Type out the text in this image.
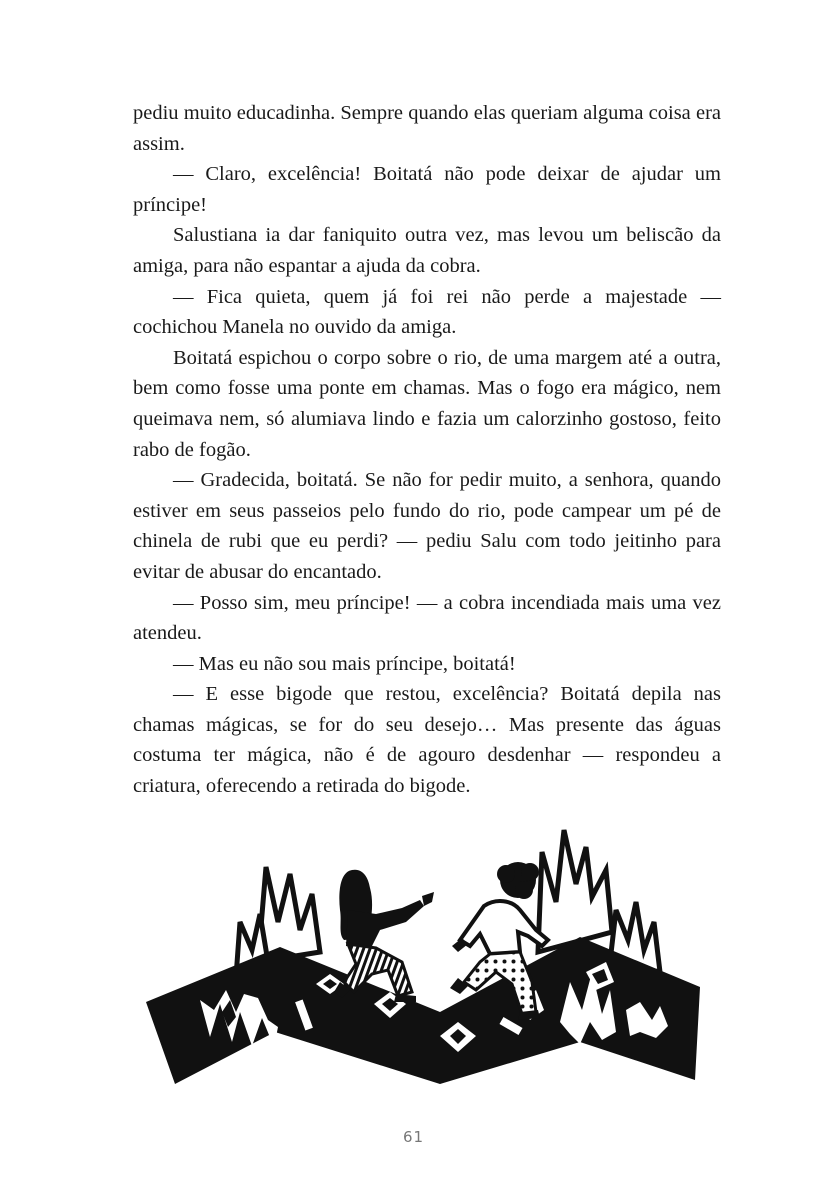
pediu muito educadinha. Sempre quando elas queriam alguma coisa era assim.

— Claro, excelência! Boitatá não pode deixar de ajudar um príncipe!

Salustiana ia dar faniquito outra vez, mas levou um beliscão da amiga, para não espantar a ajuda da cobra.

— Fica quieta, quem já foi rei não perde a majestade — cochichou Manela no ouvido da amiga.

Boitatá espichou o corpo sobre o rio, de uma margem até a outra, bem como fosse uma ponte em chamas. Mas o fogo era mágico, nem queimava nem, só alumiava lindo e fazia um calorzinho gostoso, feito rabo de fogão.

— Gradecida, boitatá. Se não for pedir muito, a senhora, quando estiver em seus passeios pelo fundo do rio, pode campear um pé de chinela de rubi que eu perdi? — pediu Salu com todo jeitinho para evitar de abusar do encantado.

— Posso sim, meu príncipe! — a cobra incendiada mais uma vez atendeu.

— Mas eu não sou mais príncipe, boitatá!

— E esse bigode que restou, excelência? Boitatá depila nas chamas mágicas, se for do seu desejo… Mas presente das águas costuma ter mágica, não é de agouro desdenhar — respondeu a criatura, oferecendo a retirada do bigode.

61
